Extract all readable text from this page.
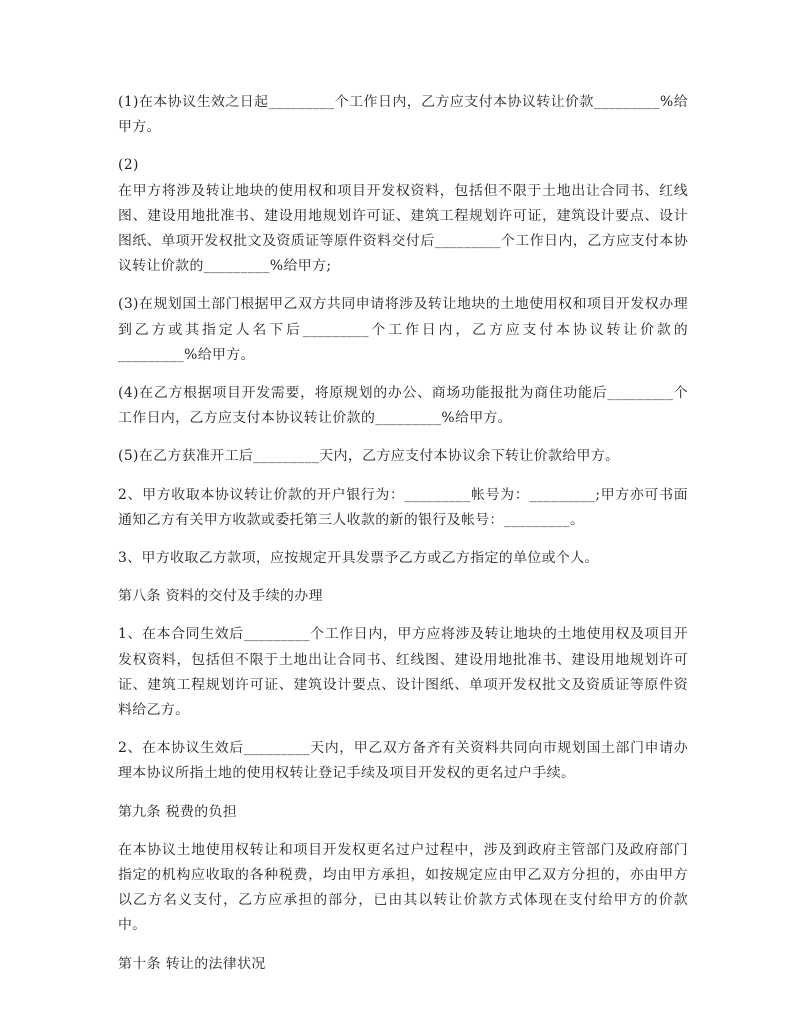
(1)在本协议生效之日起_________个工作日内，乙方应支付本协议转让价款_________%给甲方。
(2)
在甲方将涉及转让地块的使用权和项目开发权资料，包括但不限于土地出让合同书、红线图、建设用地批准书、建设用地规划许可证、建筑工程规划许可证，建筑设计要点、设计图纸、单项开发权批文及资质证等原件资料交付后_________个工作日内，乙方应支付本协议转让价款的_________%给甲方;
(3)在规划国土部门根据甲乙双方共同申请将涉及转让地块的土地使用权和项目开发权办理到乙方或其指定人名下后_________个工作日内，乙方应支付本协议转让价款的_________%给甲方。
(4)在乙方根据项目开发需要，将原规划的办公、商场功能报批为商住功能后_________个工作日内，乙方应支付本协议转让价款的_________%给甲方。
(5)在乙方获准开工后_________天内，乙方应支付本协议余下转让价款给甲方。
2、甲方收取本协议转让价款的开户银行为：_________帐号为：_________;甲方亦可书面通知乙方有关甲方收款或委托第三人收款的新的银行及帐号：_________。
3、甲方收取乙方款项，应按规定开具发票予乙方或乙方指定的单位或个人。
第八条 资料的交付及手续的办理
1、在本合同生效后_________个工作日内，甲方应将涉及转让地块的土地使用权及项目开发权资料，包括但不限于土地出让合同书、红线图、建设用地批准书、建设用地规划许可证、建筑工程规划许可证、建筑设计要点、设计图纸、单项开发权批文及资质证等原件资料给乙方。
2、在本协议生效后_________天内，甲乙双方备齐有关资料共同向市规划国土部门申请办理本协议所指土地的使用权转让登记手续及项目开发权的更名过户手续。
第九条 税费的负担
在本协议土地使用权转让和项目开发权更名过户过程中，涉及到政府主管部门及政府部门指定的机构应收取的各种税费，均由甲方承担，如按规定应由甲乙双方分担的，亦由甲方以乙方名义支付，乙方应承担的部分，已由其以转让价款方式体现在支付给甲方的价款中。
第十条 转让的法律状况
